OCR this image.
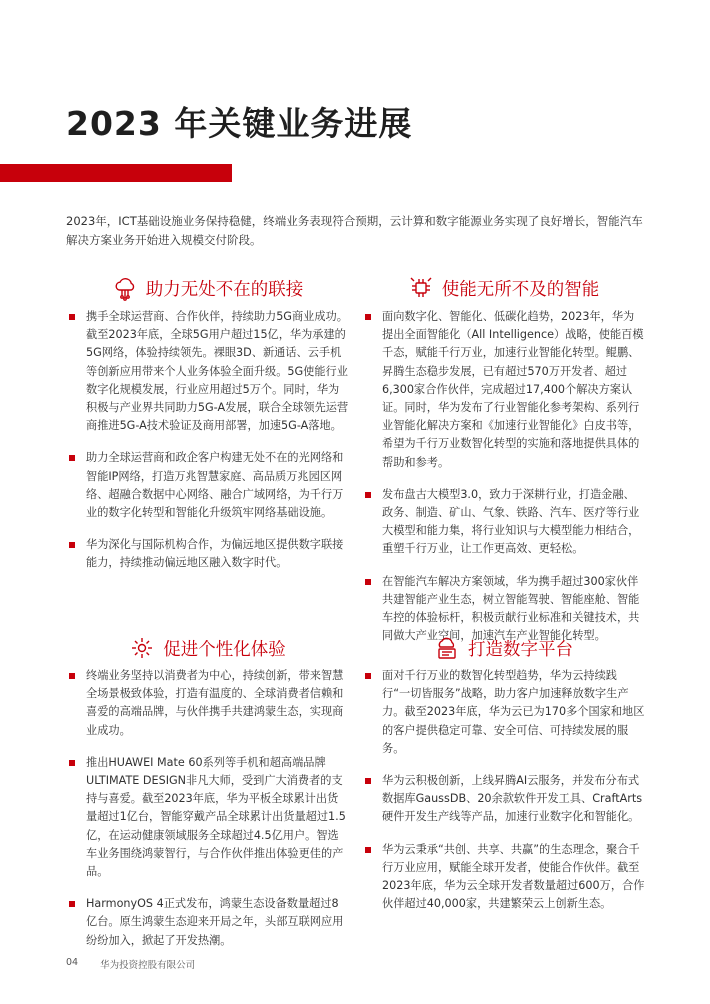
2023 年关键业务进展
2023年，ICT基础设施业务保持稳健，终端业务表现符合预期，云计算和数字能源业务实现了良好增长，智能汽车解决方案业务开始进入规模交付阶段。
助力无处不在的联接
携手全球运营商、合作伙伴，持续助力5G商业成功。截至2023年底，全球5G用户超过15亿，华为承建的5G网络，体验持续领先。裸眼3D、新通话、云手机等创新应用带来个人业务体验全面升级。5G使能行业数字化规模发展，行业应用超过5万个。同时，华为积极与产业界共同助力5G-A发展，联合全球领先运营商推进5G-A技术验证及商用部署，加速5G-A落地。
助力全球运营商和政企客户构建无处不在的光网络和智能IP网络，打造万兆智慧家庭、高品质万兆园区网络、超融合数据中心网络、融合广域网络，为千行万业的数字化转型和智能化升级筑牢网络基础设施。
华为深化与国际机构合作，为偏远地区提供数字联接能力，持续推动偏远地区融入数字时代。
使能无所不及的智能
面向数字化、智能化、低碳化趋势，2023年，华为提出全面智能化（All Intelligence）战略，使能百模千态，赋能千行万业，加速行业智能化转型。鲲鹏、昇腾生态稳步发展，已有超过570万开发者、超过6,300家合作伙伴，完成超过17,400个解决方案认证。同时，华为发布了行业智能化参考架构、系列行业智能化解决方案和《加速行业智能化》白皮书等，希望为千行万业数智化转型的实施和落地提供具体的帮助和参考。
发布盘古大模型3.0，致力于深耕行业，打造金融、政务、制造、矿山、气象、铁路、汽车、医疗等行业大模型和能力集，将行业知识与大模型能力相结合，重塑千行万业，让工作更高效、更轻松。
在智能汽车解决方案领域，华为携手超过300家伙伴共建智能产业生态，树立智能驾驶、智能座舱、智能车控的体验标杆，积极贡献行业标准和关键技术，共同做大产业空间，加速汽车产业智能化转型。
促进个性化体验
终端业务坚持以消费者为中心，持续创新，带来智慧全场景极致体验，打造有温度的、全球消费者信赖和喜爱的高端品牌，与伙伴携手共建鸿蒙生态，实现商业成功。
推出HUAWEI Mate 60系列等手机和超高端品牌ULTIMATE DESIGN非凡大师，受到广大消费者的支持与喜爱。截至2023年底，华为平板全球累计出货量超过1亿台，智能穿戴产品全球累计出货量超过1.5亿，在运动健康领域服务全球超过4.5亿用户。智选车业务围绕鸿蒙智行，与合作伙伴推出体验更佳的产品。
HarmonyOS 4正式发布，鸿蒙生态设备数量超过8亿台。原生鸿蒙生态迎来开局之年，头部互联网应用纷纷加入，掀起了开发热潮。
打造数字平台
面对千行万业的数智化转型趋势，华为云持续践行“一切皆服务”战略，助力客户加速释放数字生产力。截至2023年底，华为云已为170多个国家和地区的客户提供稳定可靠、安全可信、可持续发展的服务。
华为云积极创新，上线昇腾AI云服务，并发布分布式数据库GaussDB、20余款软件开发工具、CraftArts硬件开发生产线等产品，加速行业数字化和智能化。
华为云秉承“共创、共享、共赢”的生态理念，聚合千行万业应用，赋能全球开发者，使能合作伙伴。截至2023年底，华为云全球开发者数量超过600万，合作伙伴超过40,000家，共建繁荣云上创新生态。
04 华为投资控股有限公司
